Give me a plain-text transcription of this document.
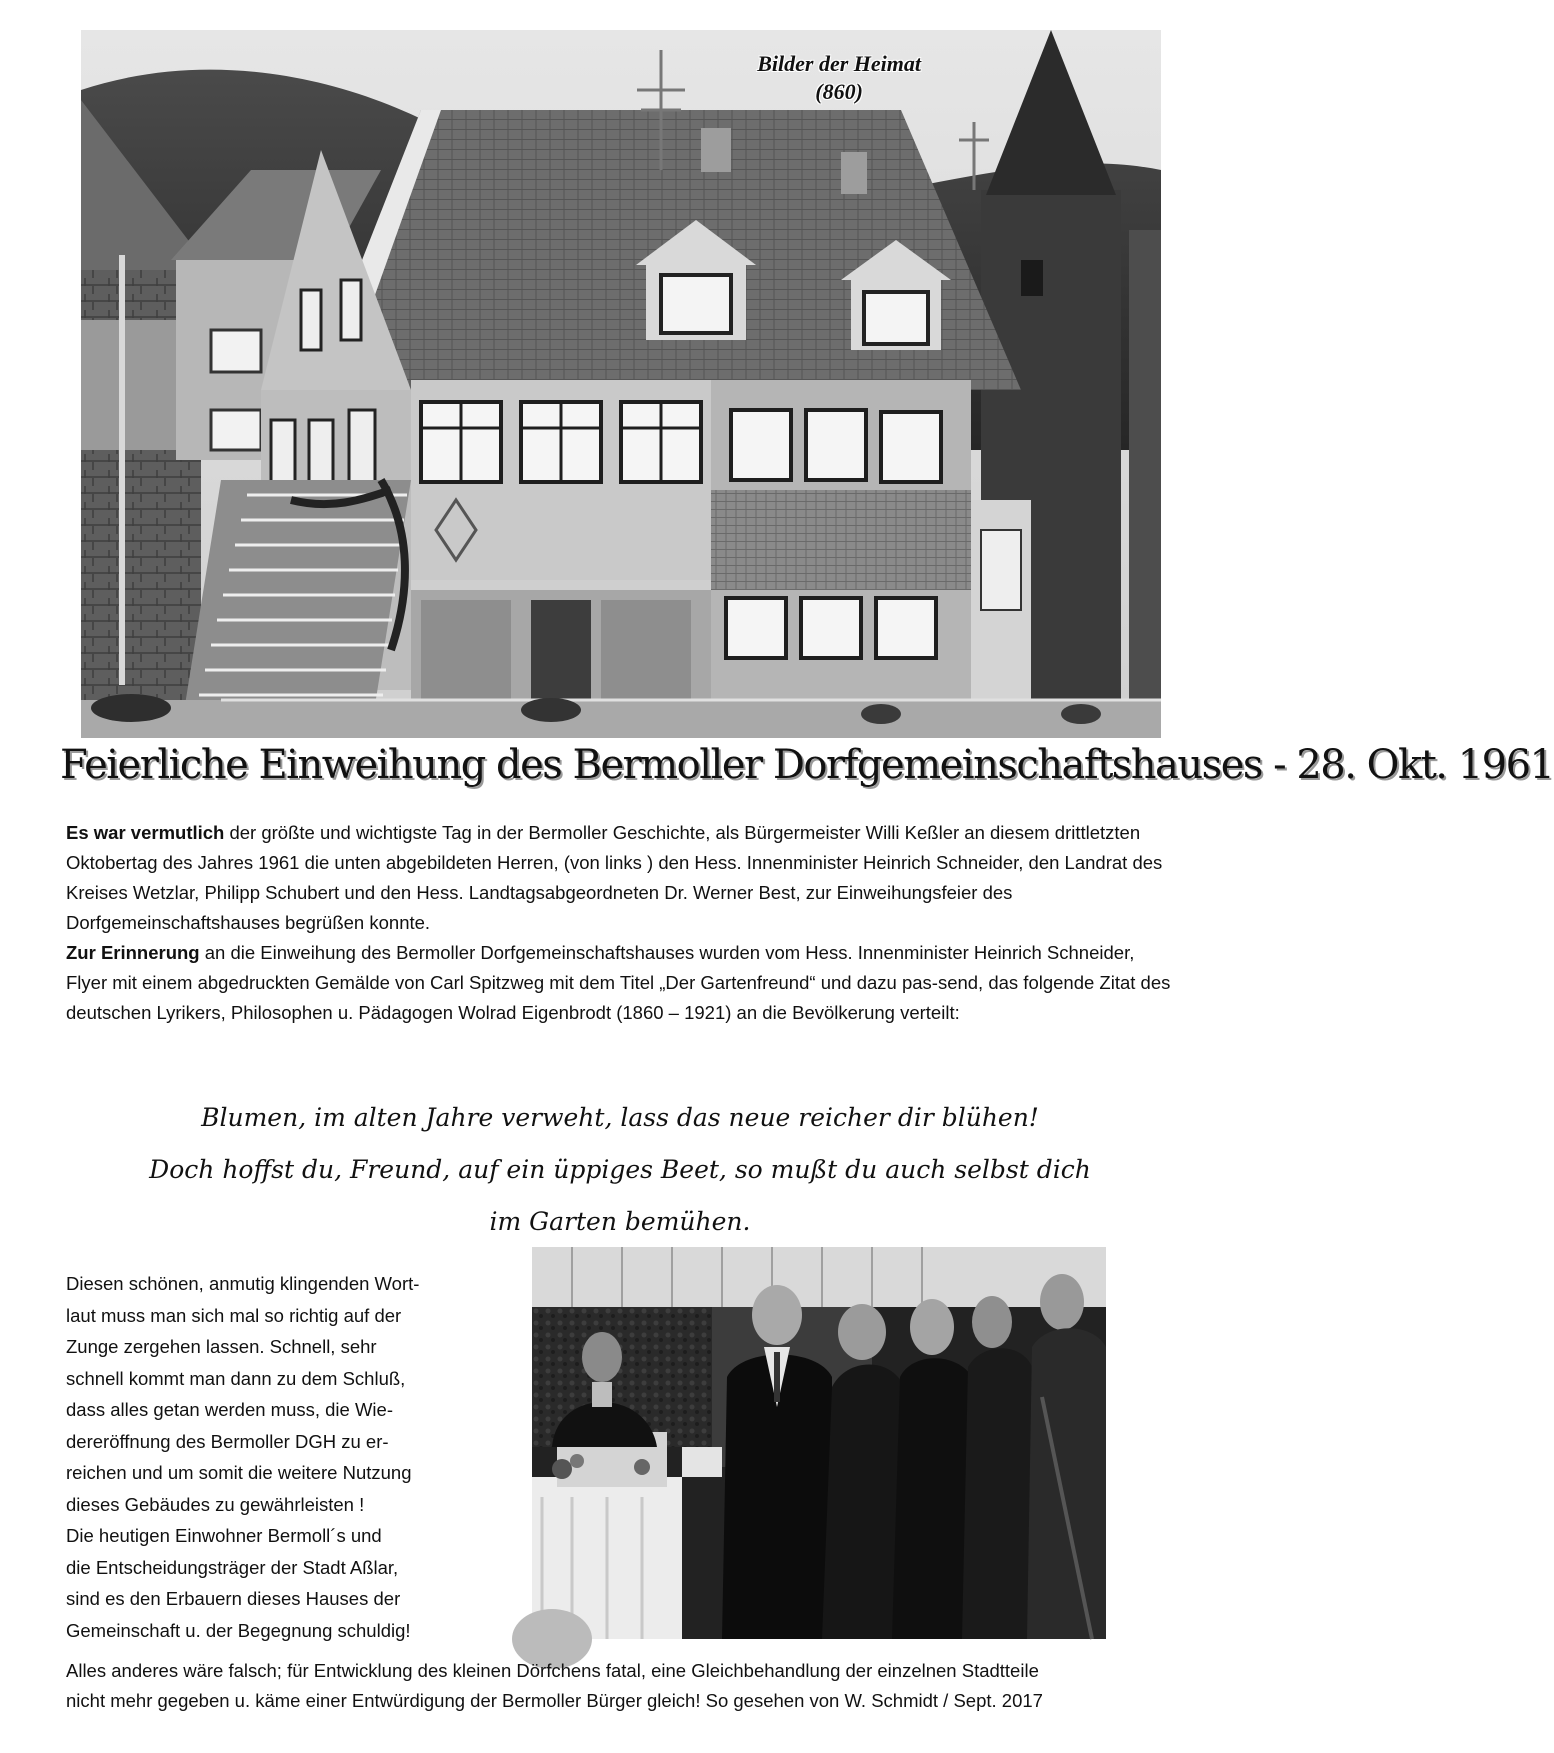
Bilder der Heimat
(860)
Feierliche Einweihung des Bermoller Dorfgemeinschaftshauses - 28. Okt. 1961

Es war vermutlich der größte und wichtigste Tag in der Bermoller Geschichte, als Bürgermeister Willi Keßler an diesem drittletzten Oktobertag des Jahres 1961 die unten abgebildeten Herren, (von links ) den Hess. Innenminister Heinrich Schneider, den Landrat des Kreises Wetzlar, Philipp Schubert und den Hess. Landtagsabgeordneten Dr. Werner Best, zur Einweihungsfeier des Dorfgemeinschaftshauses begrüßen konnte.

Zur Erinnerung an die Einweihung des Bermoller Dorfgemeinschaftshauses wurden vom Hess. Innenminister Heinrich Schneider, Flyer mit einem abgedruckten Gemälde von Carl Spitzweg mit dem Titel „Der Gartenfreund“ und dazu pas-send, das folgende Zitat des deutschen Lyrikers, Philosophen u. Pädagogen Wolrad Eigenbrodt (1860 – 1921) an die Bevölkerung verteilt:

Blumen, im alten Jahre verweht, lass das neue reicher dir blühen!
Doch hoffst du, Freund, auf ein üppiges Beet, so mußt du auch selbst dich
im Garten bemühen.
Diesen schönen, anmutig klingenden Wort-
laut muss man sich mal so richtig auf der
Zunge zergehen lassen. Schnell, sehr
schnell kommt man dann zu dem Schluß,
dass alles getan werden muss, die Wie-
dereröffnung des Bermoller DGH zu er-
reichen und um somit die weitere Nutzung
dieses Gebäudes zu gewährleisten !
Die heutigen Einwohner Bermoll´s und
die Entscheidungsträger der Stadt Aßlar,
sind es den Erbauern dieses Hauses der
Gemeinschaft u. der Begegnung schuldig!
Alles anderes wäre falsch; für Entwicklung des kleinen Dörfchens fatal, eine Gleichbehandlung der einzelnen Stadtteile
nicht mehr gegeben u. käme einer Entwürdigung der Bermoller Bürger gleich! So gesehen von W. Schmidt / Sept. 2017
